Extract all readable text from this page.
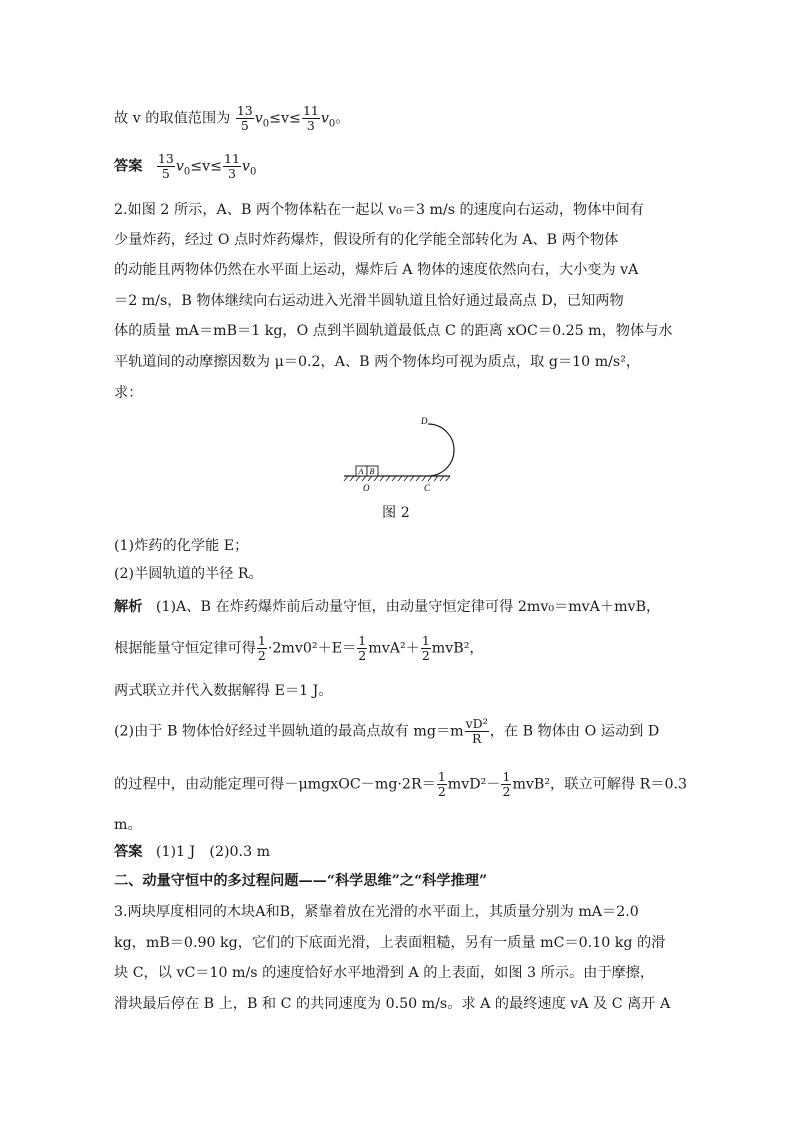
故 v 的取值范围为 $\frac{13}{5} v_0\le v\le \frac{11}{3} v_0$。
答案 $\frac{13}{5} v_0\le v\le \frac{11}{3} v_0$
2.如图 2 所示，A、B 两个物体粘在一起以 v₀＝3 m/s 的速度向右运动，物体中间有
少量炸药，经过 O 点时炸药爆炸，假设所有的化学能全部转化为 A、B 两个物体
的动能且两物体仍然在水平面上运动，爆炸后 A 物体的速度依然向右，大小变为 vA
＝2 m/s，B 物体继续向右运动进入光滑半圆轨道且恰好通过最高点 D，已知两物
体的质量 mA＝mB＝1 kg，O 点到半圆轨道最低点 C 的距离 xOC＝0.25 m，物体与水
平轨道间的动摩擦因数为 μ＝0.2，A、B 两个物体均可视为质点，取 g＝10 m/s²，
求：
A B
D
O	C
图 2
(1)炸药的化学能 E；
(2)半圆轨道的半径 R。
解析 (1)A、B 在炸药爆炸前后动量守恒，由动量守恒定律可得 2mv₀＝mvA＋mvB，
根据能量守恒定律可得 $\frac{1}{2} \cdot 2mv0^2+E= \frac{1}{2} mvA^2+ \frac{1}{2} mvB^2$，
两式联立并代入数据解得 E＝1 J。
(2)由于 B 物体恰好经过半圆轨道的最高点故有 $mg=m \frac{\text{vD²}}{R}$ ，在 B 物体由 O 运动到 D
的过程中，由动能定理可得－μmgxOC－mg·2R＝ $\frac{1}{2} mvD^2- \frac{1}{2} mvB^2$，联立可解得 R＝0.3
m。
答案 (1)1 J　(2)0.3 m
二、动量守恒中的多过程问题——“科学思维”之“科学推理”
3.两块厚度相同的木块A和B，紧靠着放在光滑的水平面上，其质量分别为 mA＝2.0
kg，mB＝0.90 kg，它们的下底面光滑，上表面粗糙，另有一质量 mC＝0.10 kg 的滑
块 C，以 vC＝10 m/s 的速度恰好水平地滑到 A 的上表面，如图 3 所示。由于摩擦，
滑块最后停在 B 上，B 和 C 的共同速度为 0.50 m/s。求 A 的最终速度 vA 及 C 离开 A
